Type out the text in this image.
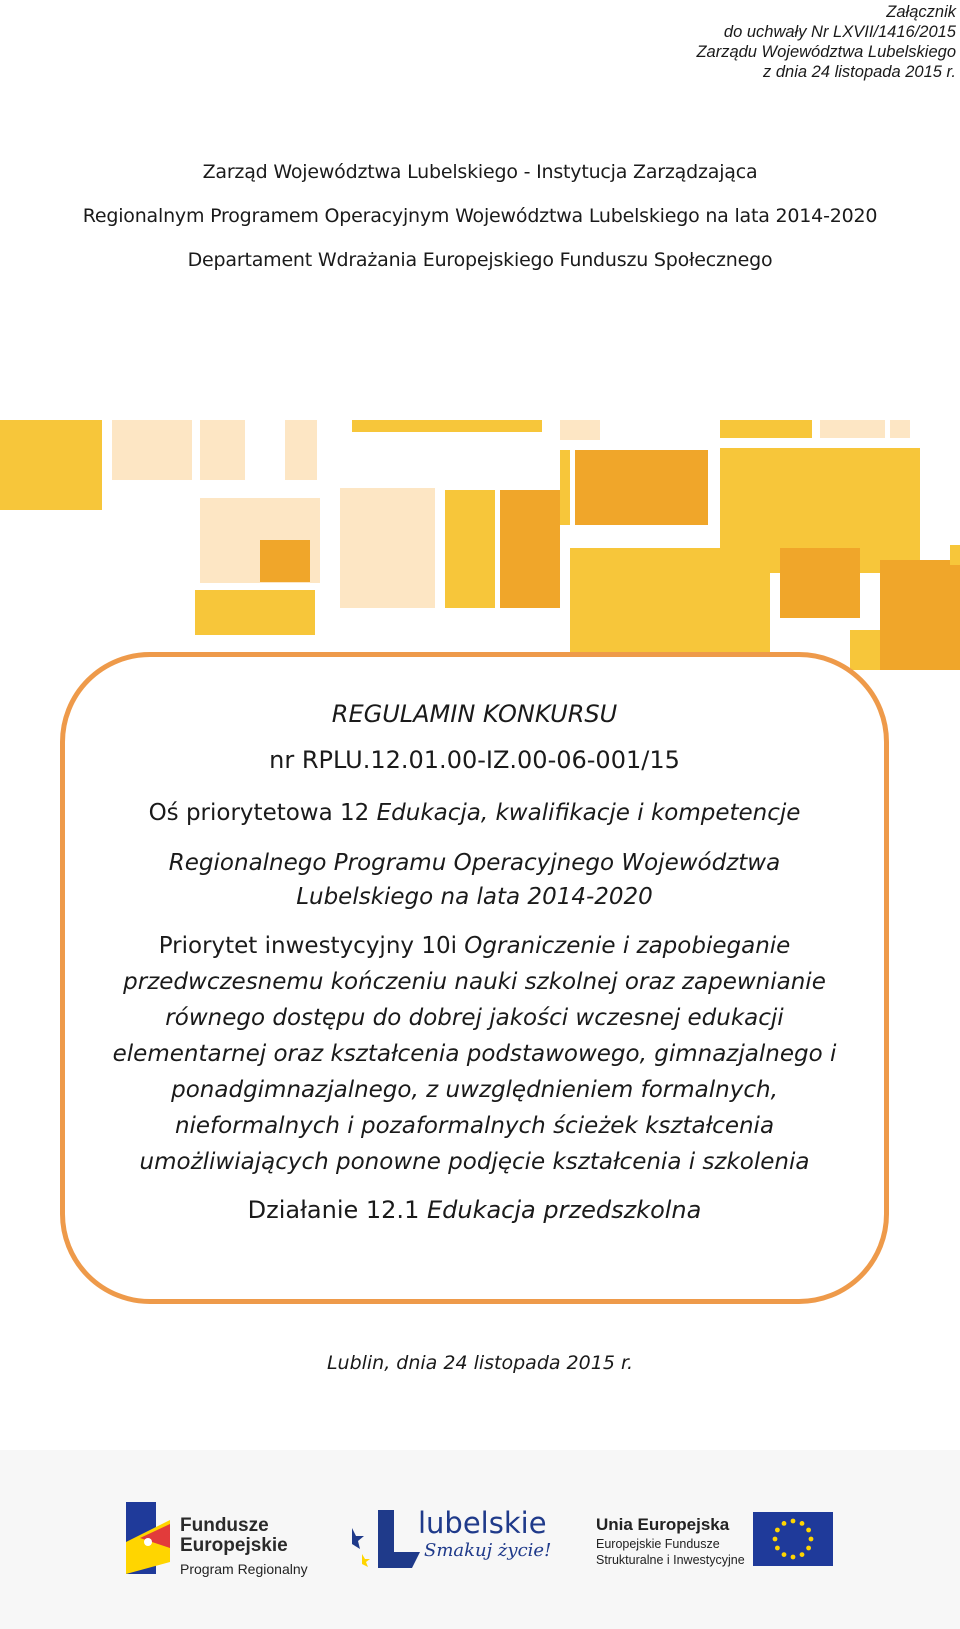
Załącznik
do uchwały Nr LXVII/1416/2015
Zarządu Województwa Lubelskiego
z dnia 24 listopada 2015 r.
Zarząd Województwa Lubelskiego - Instytucja Zarządzająca
Regionalnym Programem Operacyjnym Województwa Lubelskiego na lata 2014-2020
Departament Wdrażania Europejskiego Funduszu Społecznego
REGULAMIN KONKURSU
nr RPLU.12.01.00-IZ.00-06-001/15
Oś priorytetowa 12 Edukacja, kwalifikacje i kompetencje
Regionalnego Programu Operacyjnego Województwa Lubelskiego na lata 2014-2020
Priorytet inwestycyjny 10i Ograniczenie i zapobieganie przedwczesnemu kończeniu nauki szkolnej oraz zapewnianie równego dostępu do dobrej jakości wczesnej edukacji elementarnej oraz kształcenia podstawowego, gimnazjalnego i ponadgimnazjalnego, z uwzględnieniem formalnych, nieformalnych i pozaformalnych ścieżek kształcenia umożliwiających ponowne podjęcie kształcenia i szkolenia
Działanie 12.1 Edukacja przedszkolna
Lublin, dnia 24 listopada 2015 r.
Fundusze
Europejskie
Program Regionalny
lubelskie
Smakuj życie!
Unia Europejska
Europejskie Fundusze
Strukturalne i Inwestycyjne
